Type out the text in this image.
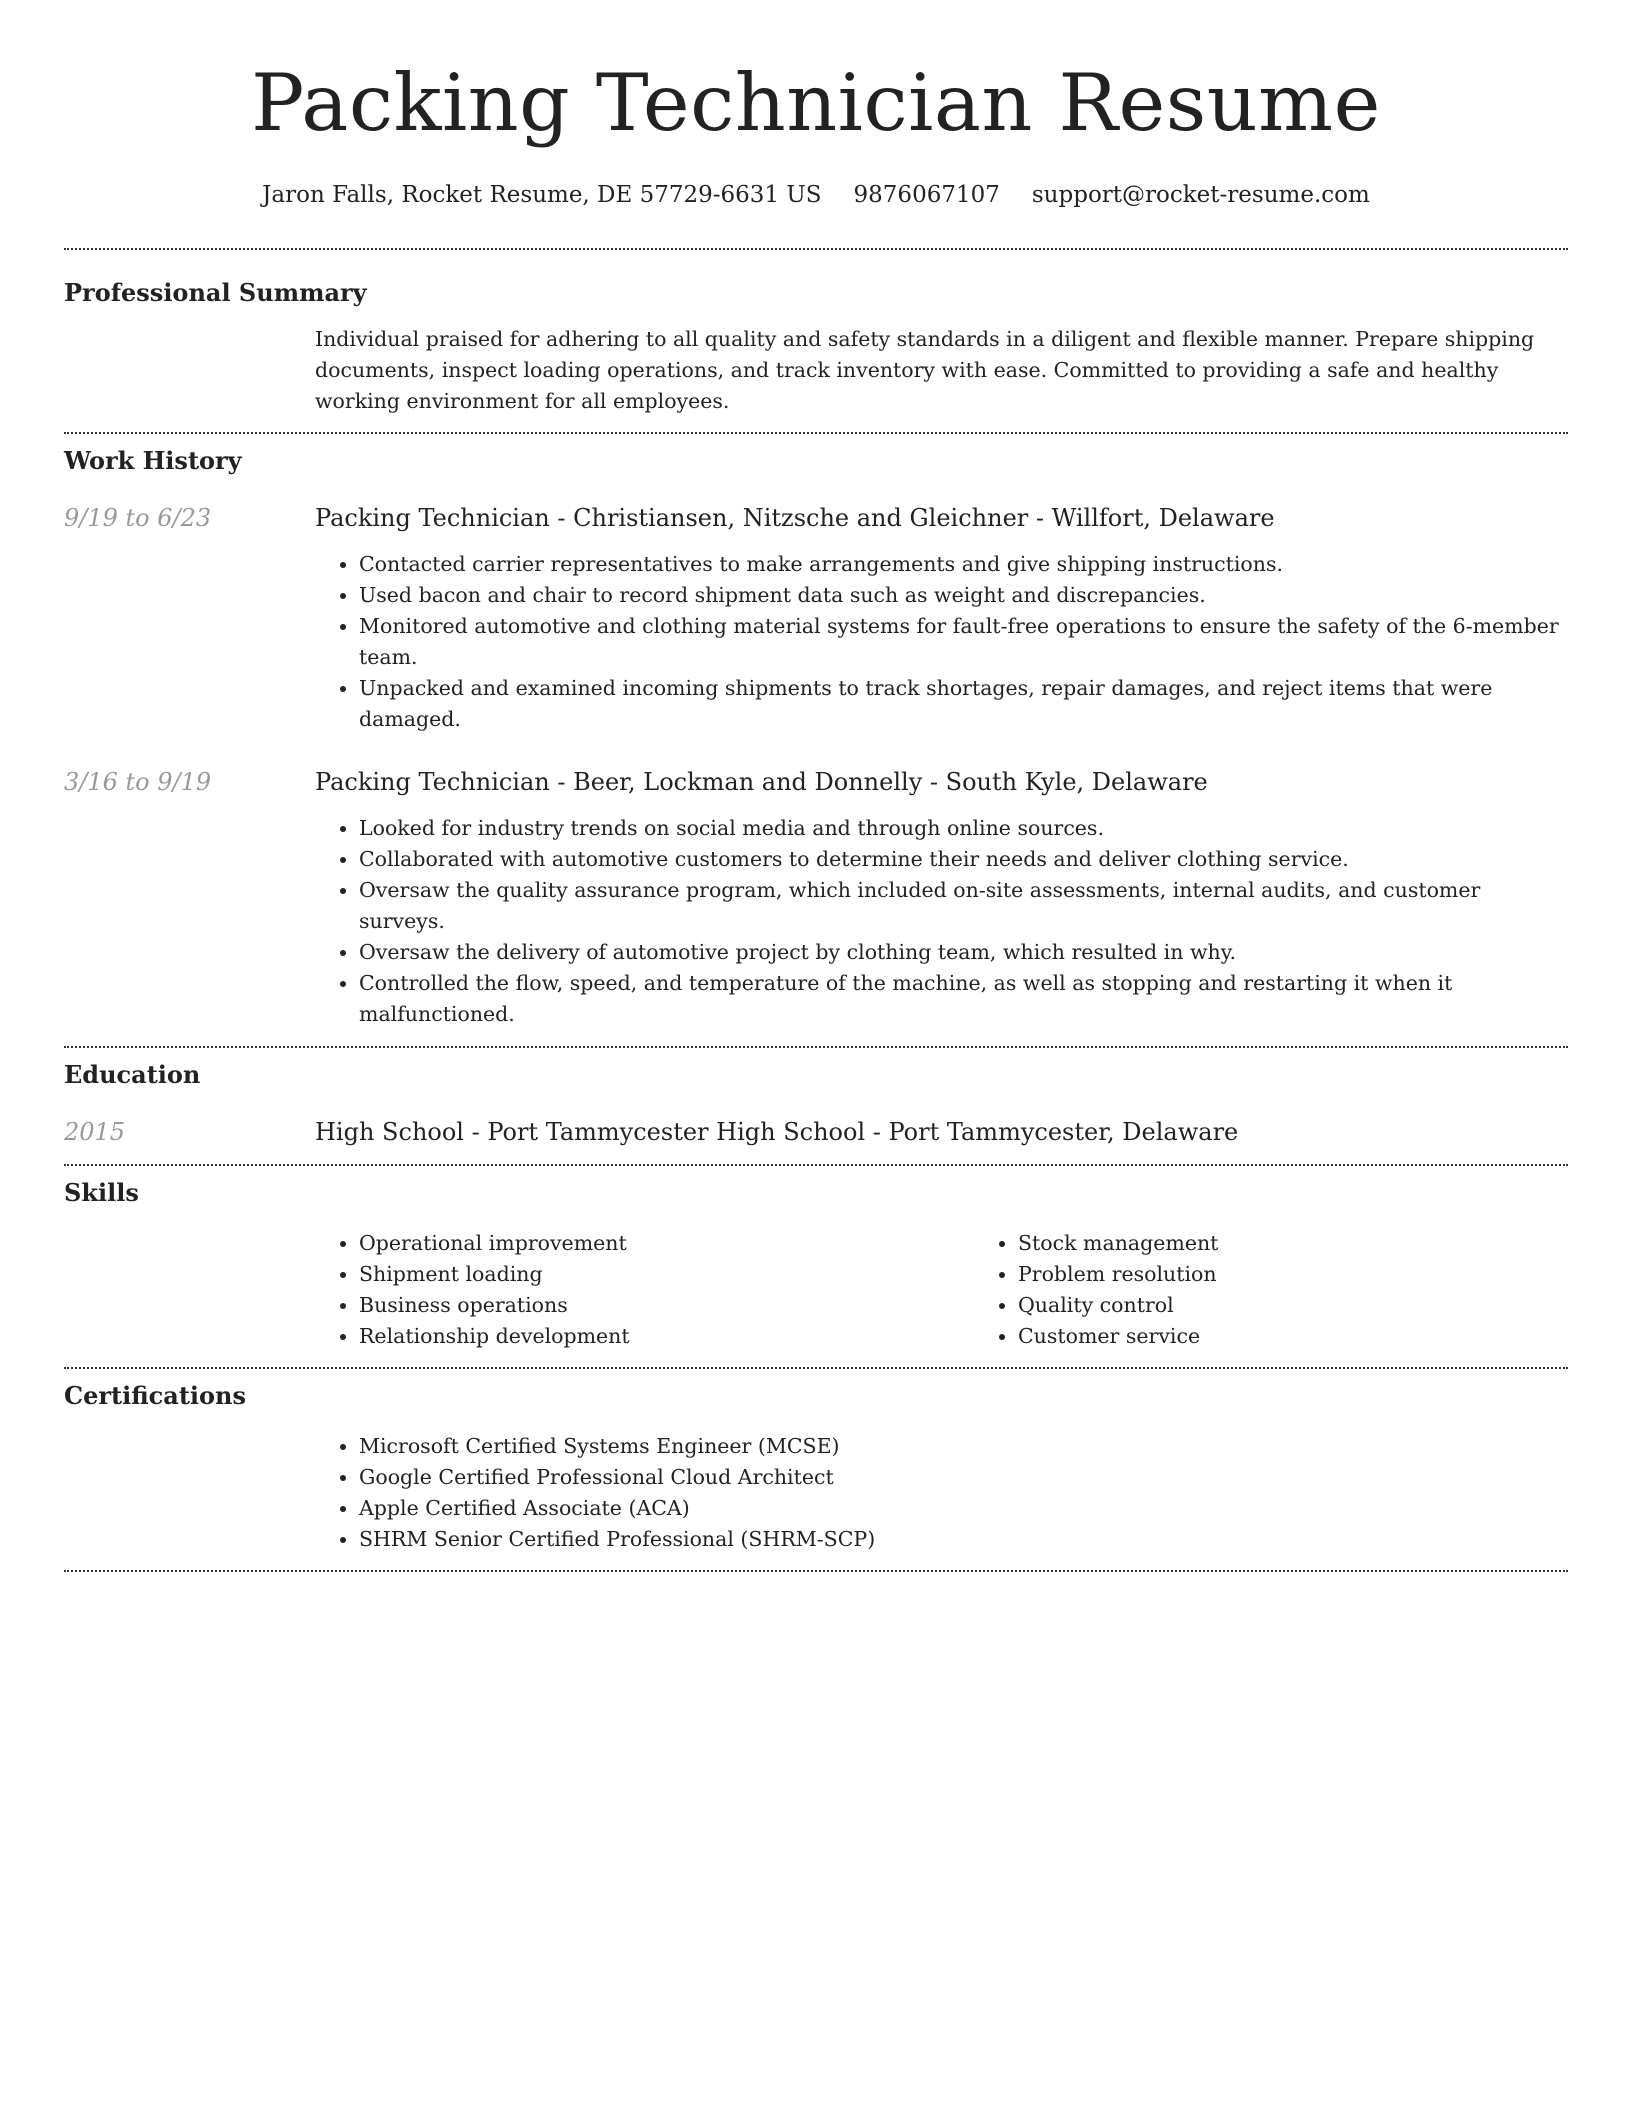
Packing Technician Resume
Jaron Falls, Rocket Resume, DE 57729-6631 US 9876067107 support@rocket-resume.com
Professional Summary

Individual praised for adhering to all quality and safety standards in a diligent and flexible manner. Prepare shipping documents, inspect loading operations, and track inventory with ease. Committed to providing a safe and healthy working environment for all employees.

Work History
9/19 to 6/23	Packing Technician - Christiansen, Nitzsche and Gleichner - Willfort, Delaware

• Contacted carrier representatives to make arrangements and give shipping instructions.
• Used bacon and chair to record shipment data such as weight and discrepancies.
• Monitored automotive and clothing material systems for fault-free operations to ensure the safety of the 6-member team.
• Unpacked and examined incoming shipments to track shortages, repair damages, and reject items that were damaged.
3/16 to 9/19	Packing Technician - Beer, Lockman and Donnelly - South Kyle, Delaware

• Looked for industry trends on social media and through online sources.
• Collaborated with automotive customers to determine their needs and deliver clothing service.
• Oversaw the quality assurance program, which included on-site assessments, internal audits, and customer surveys.
• Oversaw the delivery of automotive project by clothing team, which resulted in why.
• Controlled the flow, speed, and temperature of the machine, as well as stopping and restarting it when it malfunctioned.
Education
2015	High School - Port Tammycester High School - Port Tammycester, Delaware

Skills
• Operational improvement
• Shipment loading
• Business operations
• Relationship development
• Stock management
• Problem resolution
• Quality control
• Customer service
Certifications
• Microsoft Certified Systems Engineer (MCSE)
• Google Certified Professional Cloud Architect
• Apple Certified Associate (ACA)
• SHRM Senior Certified Professional (SHRM-SCP)
